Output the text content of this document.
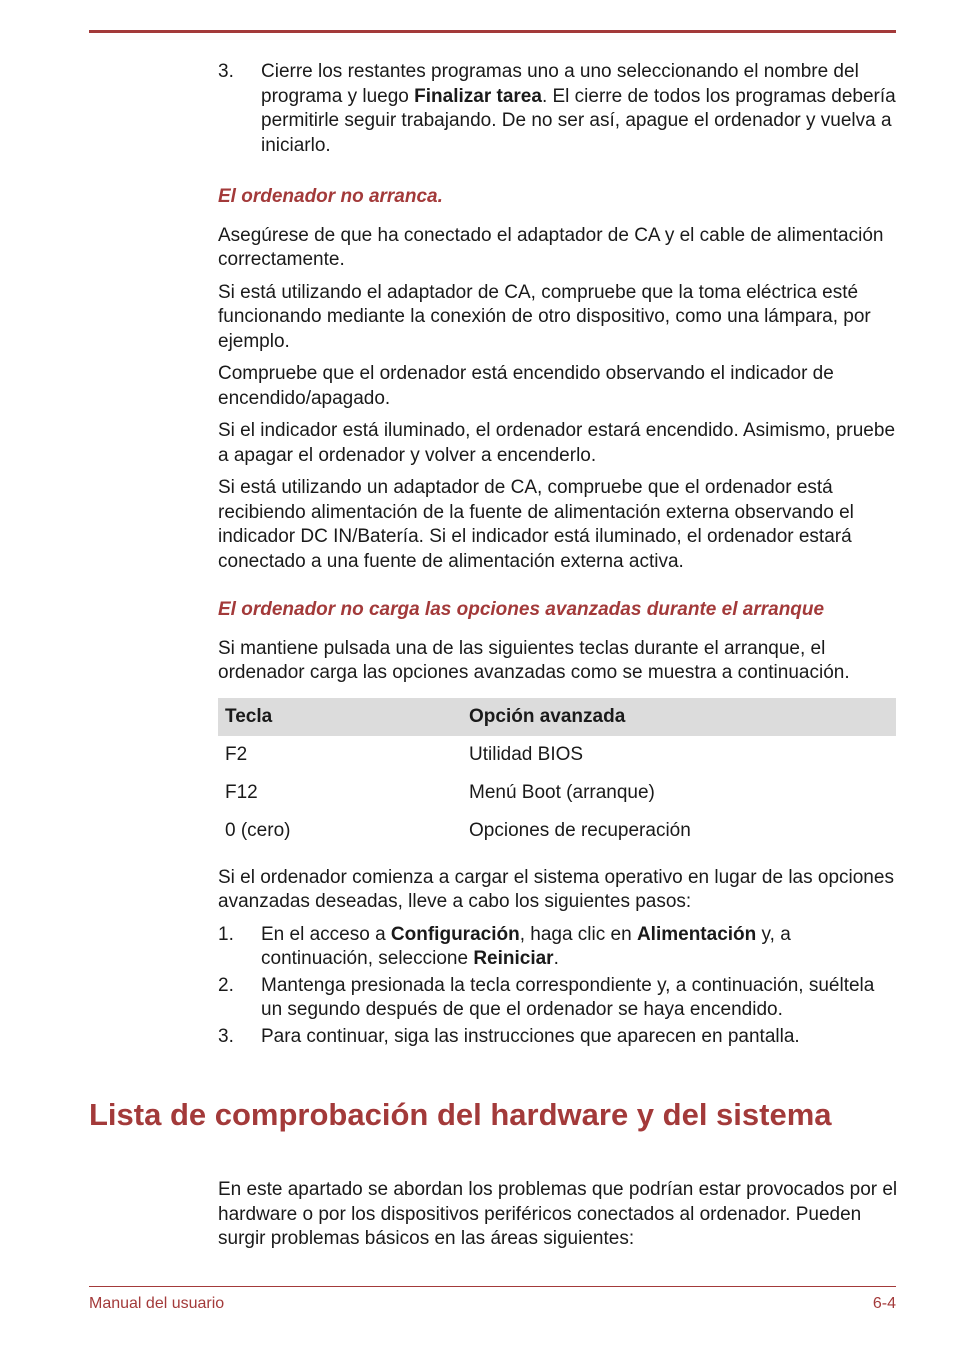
3. Cierre los restantes programas uno a uno seleccionando el nombre del programa y luego Finalizar tarea. El cierre de todos los programas debería permitirle seguir trabajando. De no ser así, apague el ordenador y vuelva a iniciarlo.
El ordenador no arranca.

Asegúrese de que ha conectado el adaptador de CA y el cable de alimentación correctamente.

Si está utilizando el adaptador de CA, compruebe que la toma eléctrica esté funcionando mediante la conexión de otro dispositivo, como una lámpara, por ejemplo.

Compruebe que el ordenador está encendido observando el indicador de encendido/apagado.

Si el indicador está iluminado, el ordenador estará encendido. Asimismo, pruebe a apagar el ordenador y volver a encenderlo.

Si está utilizando un adaptador de CA, compruebe que el ordenador está recibiendo alimentación de la fuente de alimentación externa observando el indicador DC IN/Batería. Si el indicador está iluminado, el ordenador estará conectado a una fuente de alimentación externa activa.

El ordenador no carga las opciones avanzadas durante el arranque

Si mantiene pulsada una de las siguientes teclas durante el arranque, el ordenador carga las opciones avanzadas como se muestra a continuación.

Tecla	Opción avanzada
F2	Utilidad BIOS
F12	Menú Boot (arranque)
0 (cero)	Opciones de recuperación

Si el ordenador comienza a cargar el sistema operativo en lugar de las opciones avanzadas deseadas, lleve a cabo los siguientes pasos:

1. En el acceso a Configuración, haga clic en Alimentación y, a continuación, seleccione Reiniciar.
2. Mantenga presionada la tecla correspondiente y, a continuación, suéltela un segundo después de que el ordenador se haya encendido.
3. Para continuar, siga las instrucciones que aparecen en pantalla.
Lista de comprobación del hardware y del sistema

En este apartado se abordan los problemas que podrían estar provocados por el hardware o por los dispositivos periféricos conectados al ordenador. Pueden surgir problemas básicos en las áreas siguientes:

Manual del usuario	6-4
